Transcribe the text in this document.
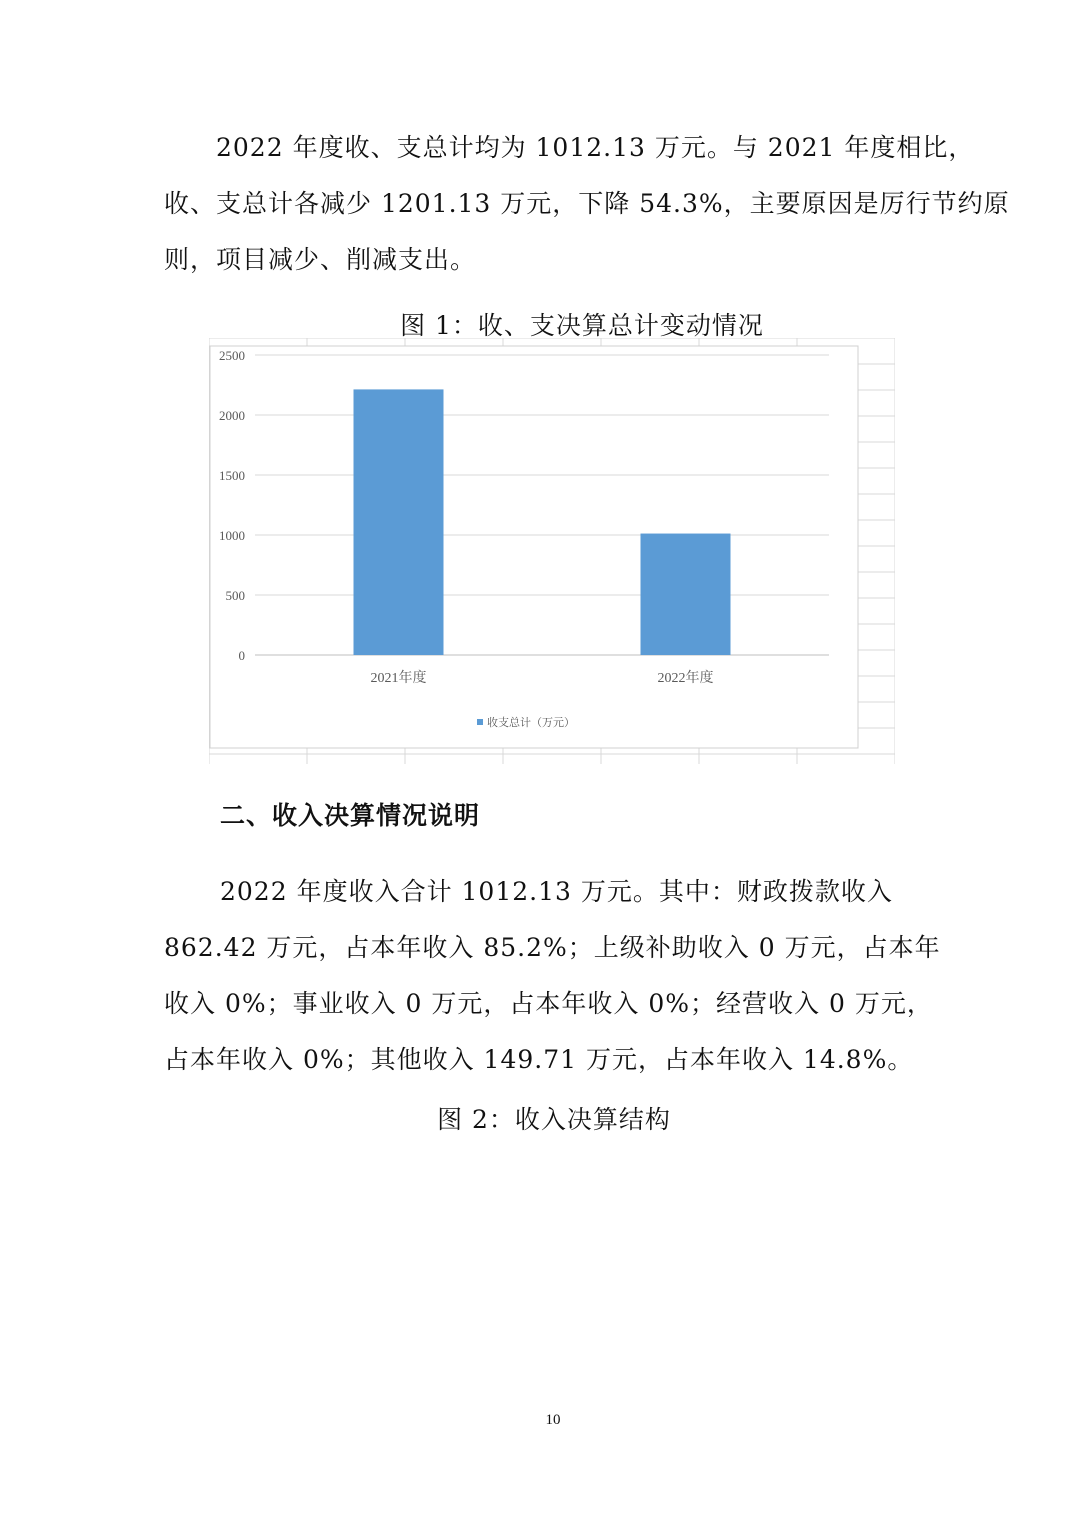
2022 年度收、支总计均为 1012.13 万元。与 2021 年度相比，收、支总计各减少 1201.13 万元，下降 54.3%，主要原因是厉行节约原则，项目减少、削减支出。

图 1：收、支决算总计变动情况
0
500
1000
1500
2000
2500
2021年度	2022年度
收支总计（万元）
二、收入决算情况说明

2022 年度收入合计 1012.13 万元。其中：财政拨款收入 862.42 万元，占本年收入 85.2%；上级补助收入 0 万元，占本年收入 0%；事业收入 0 万元，占本年收入 0%；经营收入 0 万元，占本年收入 0%；其他收入 149.71 万元，占本年收入 14.8%。

图 2：收入决算结构
10
